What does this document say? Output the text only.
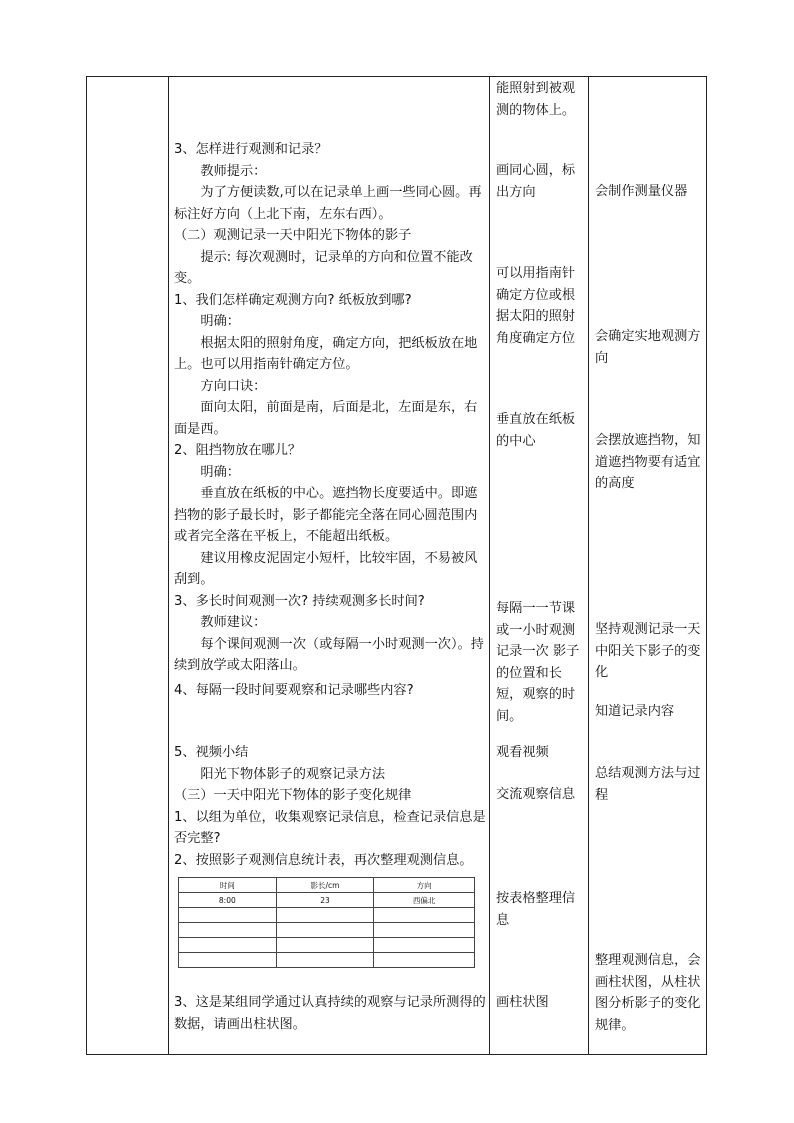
能照射到被观

测的物体上。

3、怎样进行观测和记录？

教师提示：

为了方便读数,可以在记录单上画一些同心圆。再标注好方向（上北下南，左东右西）。

（二）观测记录一天中阳光下物体的影子

提示: 每次观测时，记录单的方向和位置不能改变。

1、我们怎样确定观测方向? 纸板放到哪?

明确：

根据太阳的照射角度，确定方向，把纸板放在地上。也可以用指南针确定方位。

方向口诀：

面向太阳，前面是南，后面是北，左面是东，右面是西。

2、阻挡物放在哪儿？

明确：

垂直放在纸板的中心。遮挡物长度要适中。即遮挡物的影子最长时，影子都能完全落在同心圆范围内或者完全落在平板上，不能超出纸板。

建议用橡皮泥固定小短杆，比较牢固，不易被风刮到。

3、多长时间观测一次? 持续观测多长时间?

教师建议：

每个课间观测一次（或每隔一小时观测一次）。持续到放学或太阳落山。

4、每隔一段时间要观察和记录哪些内容?

5、视频小结

阳光下物体影子的观察记录方法

（三）一天中阳光下物体的影子变化规律

1、以组为单位，收集观察记录信息，检查记录信息是否完整?

2、按照影子观测信息统计表，再次整理观测信息。

时间	影长/cm	方向
8:00	23	西偏北

3、这是某组同学通过认真持续的观察与记录所测得的数据，请画出柱状图。

画同心圆，标出方向
可以用指南针确定方位或根据太阳的照射角度确定方位
垂直放在纸板的中心
每隔一一节课或一小时观测记录一次 影子的位置和长短，观察的时间。
观看视频
交流观察信息
按表格整理信息
画柱状图
会制作测量仪器
会确定实地观测方向
会摆放遮挡物，知道遮挡物要有适宜的高度
坚持观测记录一天中阳关下影子的变化
知道记录内容
总结观测方法与过程
整理观测信息，会画柱状图，从柱状图分析影子的变化规律。
